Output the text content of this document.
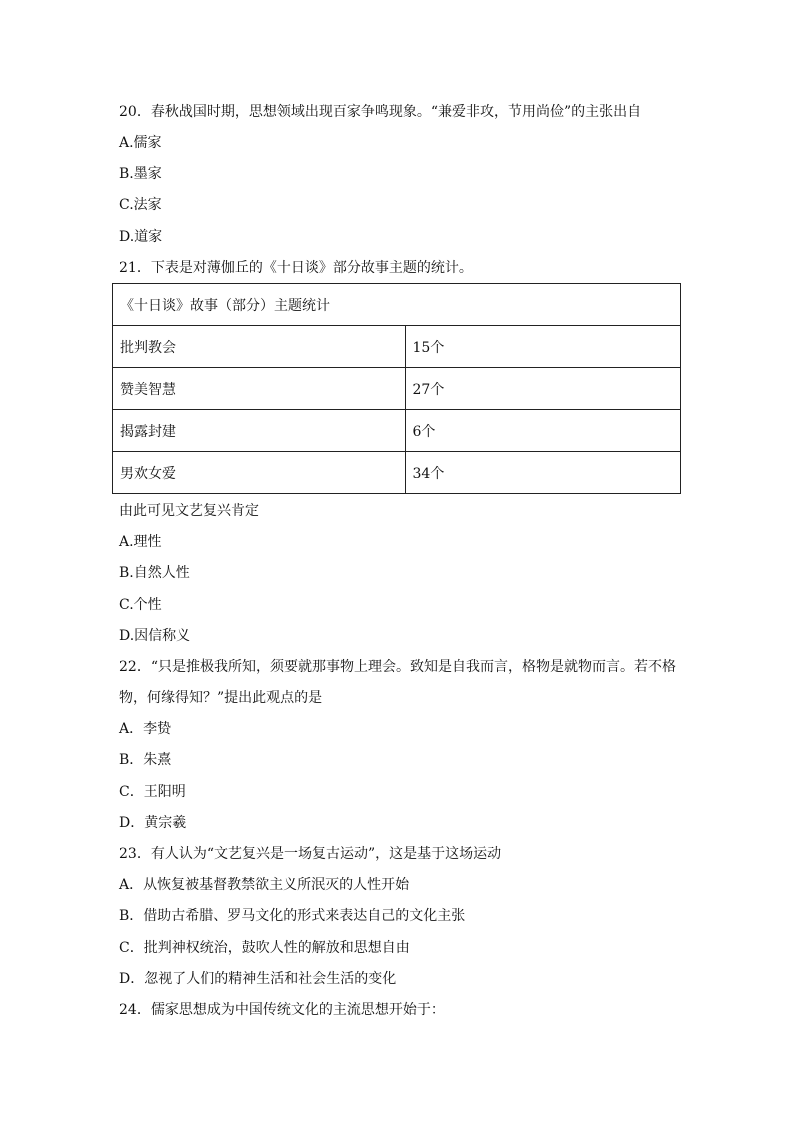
20．春秋战国时期，思想领域出现百家争鸣现象。“兼爱非攻，节用尚俭”的主张出自
A.儒家
B.墨家
C.法家
D.道家
21．下表是对薄伽丘的《十日谈》部分故事主题的统计。
《十日谈》故事（部分）主题统计	
批判教会	15个
赞美智慧	27个
揭露封建	6个
男欢女爱	34个
由此可见文艺复兴肯定
A.理性
B.自然人性
C.个性
D.因信称义
22．“只是推极我所知，须要就那事物上理会。致知是自我而言，格物是就物而言。若不格
物，何缘得知？”提出此观点的是
A．李贽
B．朱熹
C．王阳明
D．黄宗羲
23．有人认为“文艺复兴是一场复古运动”，这是基于这场运动
A．从恢复被基督教禁欲主义所泯灭的人性开始
B．借助古希腊、罗马文化的形式来表达自己的文化主张
C．批判神权统治，鼓吹人性的解放和思想自由
D．忽视了人们的精神生活和社会生活的变化
24．儒家思想成为中国传统文化的主流思想开始于：
